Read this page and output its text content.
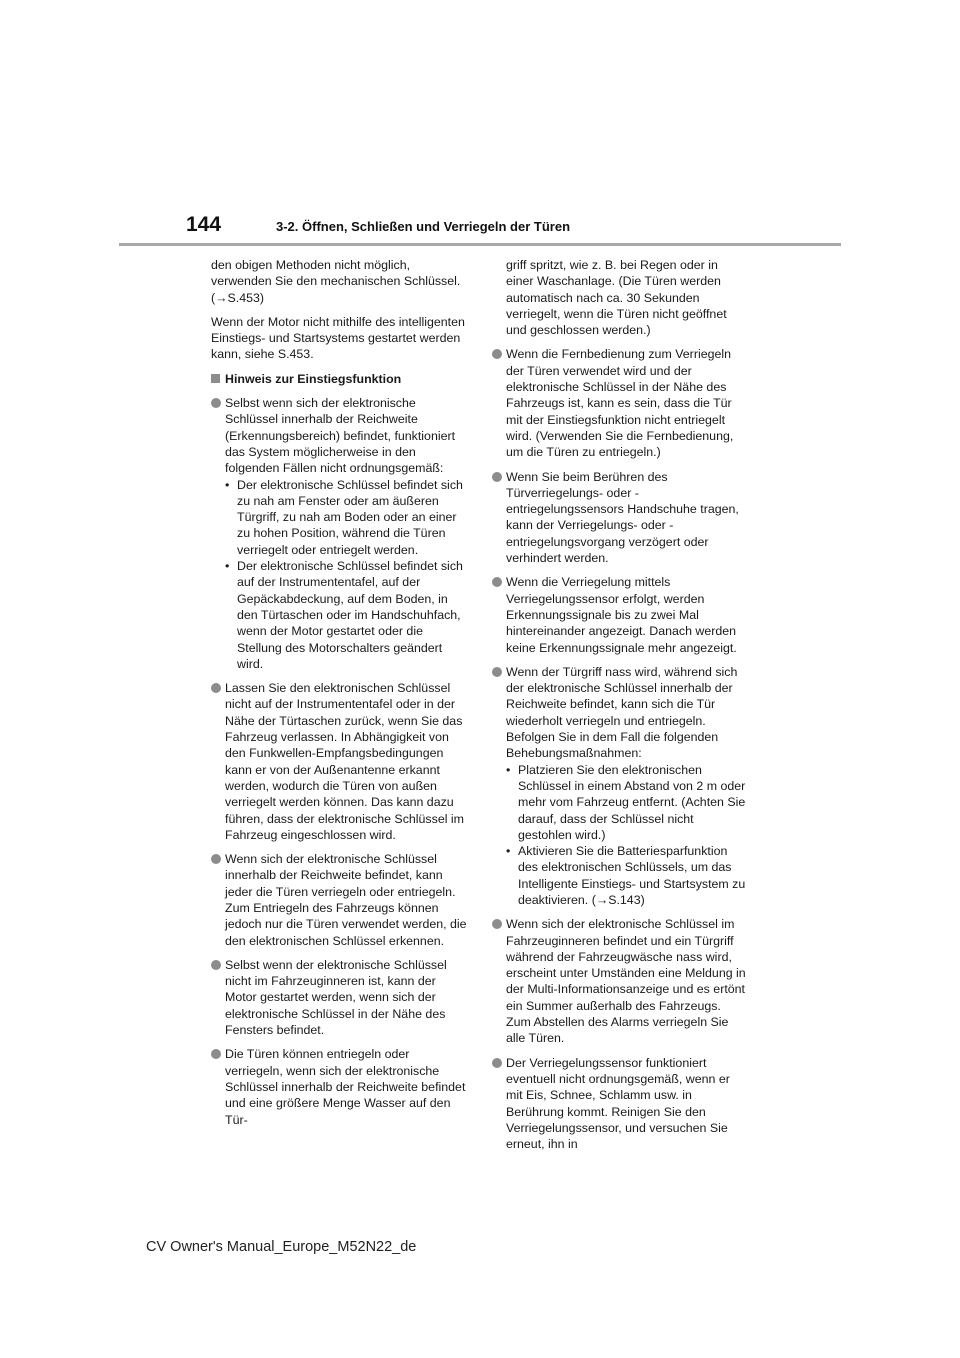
144	3-2. Öffnen, Schließen und Verriegeln der Türen

den obigen Methoden nicht möglich, verwenden Sie den mechanischen Schlüssel. (→S.453)

Wenn der Motor nicht mithilfe des intelligenten Einstiegs- und Startsystems gestartet werden kann, siehe S.453.

Hinweis zur Einstiegsfunktion
Selbst wenn sich der elektronische Schlüssel innerhalb der Reichweite (Erkennungsbereich) befindet, funktioniert das System möglicherweise in den folgenden Fällen nicht ordnungsgemäß:
• Der elektronische Schlüssel befindet sich zu nah am Fenster oder am äußeren Türgriff, zu nah am Boden oder an einer zu hohen Position, während die Türen verriegelt oder entriegelt werden.
• Der elektronische Schlüssel befindet sich auf der Instrumententafel, auf der Gepäckabdeckung, auf dem Boden, in den Türtaschen oder im Handschuhfach, wenn der Motor gestartet oder die Stellung des Motorschalters geändert wird.
Lassen Sie den elektronischen Schlüssel nicht auf der Instrumententafel oder in der Nähe der Türtaschen zurück, wenn Sie das Fahrzeug verlassen. In Abhängigkeit von den Funkwellen-Empfangsbedingungen kann er von der Außenantenne erkannt werden, wodurch die Türen von außen verriegelt werden können. Das kann dazu führen, dass der elektronische Schlüssel im Fahrzeug eingeschlossen wird.
Wenn sich der elektronische Schlüssel innerhalb der Reichweite befindet, kann jeder die Türen verriegeln oder entriegeln. Zum Entriegeln des Fahrzeugs können jedoch nur die Türen verwendet werden, die den elektronischen Schlüssel erkennen.
Selbst wenn der elektronische Schlüssel nicht im Fahrzeuginneren ist, kann der Motor gestartet werden, wenn sich der elektronische Schlüssel in der Nähe des Fensters befindet.
Die Türen können entriegeln oder verriegeln, wenn sich der elektronische Schlüssel innerhalb der Reichweite befindet und eine größere Menge Wasser auf den Tür-

griff spritzt, wie z. B. bei Regen oder in einer Waschanlage. (Die Türen werden automatisch nach ca. 30 Sekunden verriegelt, wenn die Türen nicht geöffnet und geschlossen werden.)

Wenn die Fernbedienung zum Verriegeln der Türen verwendet wird und der elektronische Schlüssel in der Nähe des Fahrzeugs ist, kann es sein, dass die Tür mit der Einstiegsfunktion nicht entriegelt wird. (Verwenden Sie die Fernbedienung, um die Türen zu entriegeln.)
Wenn Sie beim Berühren des Türverriegelungs- oder -entriegelungssensors Handschuhe tragen, kann der Verriegelungs- oder -entriegelungsvorgang verzögert oder verhindert werden.
Wenn die Verriegelung mittels Verriegelungssensor erfolgt, werden Erkennungssignale bis zu zwei Mal hintereinander angezeigt. Danach werden keine Erkennungssignale mehr angezeigt.
Wenn der Türgriff nass wird, während sich der elektronische Schlüssel innerhalb der Reichweite befindet, kann sich die Tür wiederholt verriegeln und entriegeln. Befolgen Sie in dem Fall die folgenden Behebungsmaßnahmen:
• Platzieren Sie den elektronischen Schlüssel in einem Abstand von 2 m oder mehr vom Fahrzeug entfernt. (Achten Sie darauf, dass der Schlüssel nicht gestohlen wird.)
• Aktivieren Sie die Batteriesparfunktion des elektronischen Schlüssels, um das Intelligente Einstiegs- und Startsystem zu deaktivieren. (→S.143)
Wenn sich der elektronische Schlüssel im Fahrzeuginneren befindet und ein Türgriff während der Fahrzeugwäsche nass wird, erscheint unter Umständen eine Meldung in der Multi-Informationsanzeige und es ertönt ein Summer außerhalb des Fahrzeugs. Zum Abstellen des Alarms verriegeln Sie alle Türen.
Der Verriegelungssensor funktioniert eventuell nicht ordnungsgemäß, wenn er mit Eis, Schnee, Schlamm usw. in Berührung kommt. Reinigen Sie den Verriegelungssensor, und versuchen Sie erneut, ihn in
CV Owner's Manual_Europe_M52N22_de
